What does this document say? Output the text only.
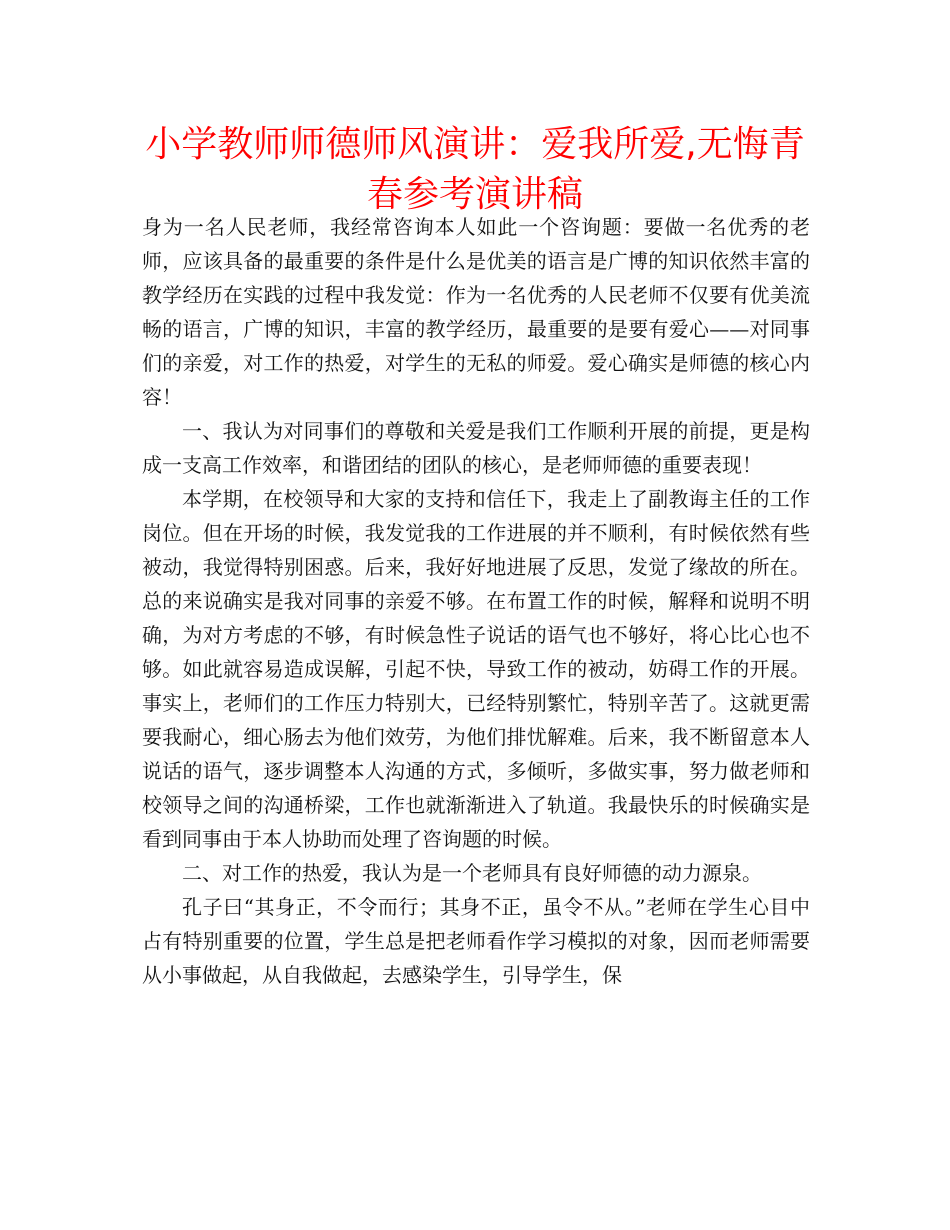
小学教师师德师风演讲：爱我所爱,无悔青春参考演讲稿

身为一名人民老师，我经常咨询本人如此一个咨询题：要做一名优秀的老师，应该具备的最重要的条件是什么是优美的语言是广博的知识依然丰富的教学经历在实践的过程中我发觉：作为一名优秀的人民老师不仅要有优美流畅的语言，广博的知识，丰富的教学经历，最重要的是要有爱心——对同事们的亲爱，对工作的热爱，对学生的无私的师爱。爱心确实是师德的核心内容！

一、我认为对同事们的尊敬和关爱是我们工作顺利开展的前提，更是构成一支高工作效率，和谐团结的团队的核心，是老师师德的重要表现！

本学期，在校领导和大家的支持和信任下，我走上了副教诲主任的工作岗位。但在开场的时候，我发觉我的工作进展的并不顺利，有时候依然有些被动，我觉得特别困惑。后来，我好好地进展了反思，发觉了缘故的所在。总的来说确实是我对同事的亲爱不够。在布置工作的时候，解释和说明不明确，为对方考虑的不够，有时候急性子说话的语气也不够好，将心比心也不够。如此就容易造成误解，引起不快，导致工作的被动，妨碍工作的开展。事实上，老师们的工作压力特别大，已经特别繁忙，特别辛苦了。这就更需要我耐心，细心肠去为他们效劳，为他们排忧解难。后来，我不断留意本人说话的语气，逐步调整本人沟通的方式，多倾听，多做实事，努力做老师和校领导之间的沟通桥梁，工作也就渐渐进入了轨道。我最快乐的时候确实是看到同事由于本人协助而处理了咨询题的时候。

二、对工作的热爱，我认为是一个老师具有良好师德的动力源泉。

孔子曰“其身正，不令而行；其身不正，虽令不从。”老师在学生心目中占有特别重要的位置，学生总是把老师看作学习模拟的对象，因而老师需要从小事做起，从自我做起，去感染学生，引导学生，保
